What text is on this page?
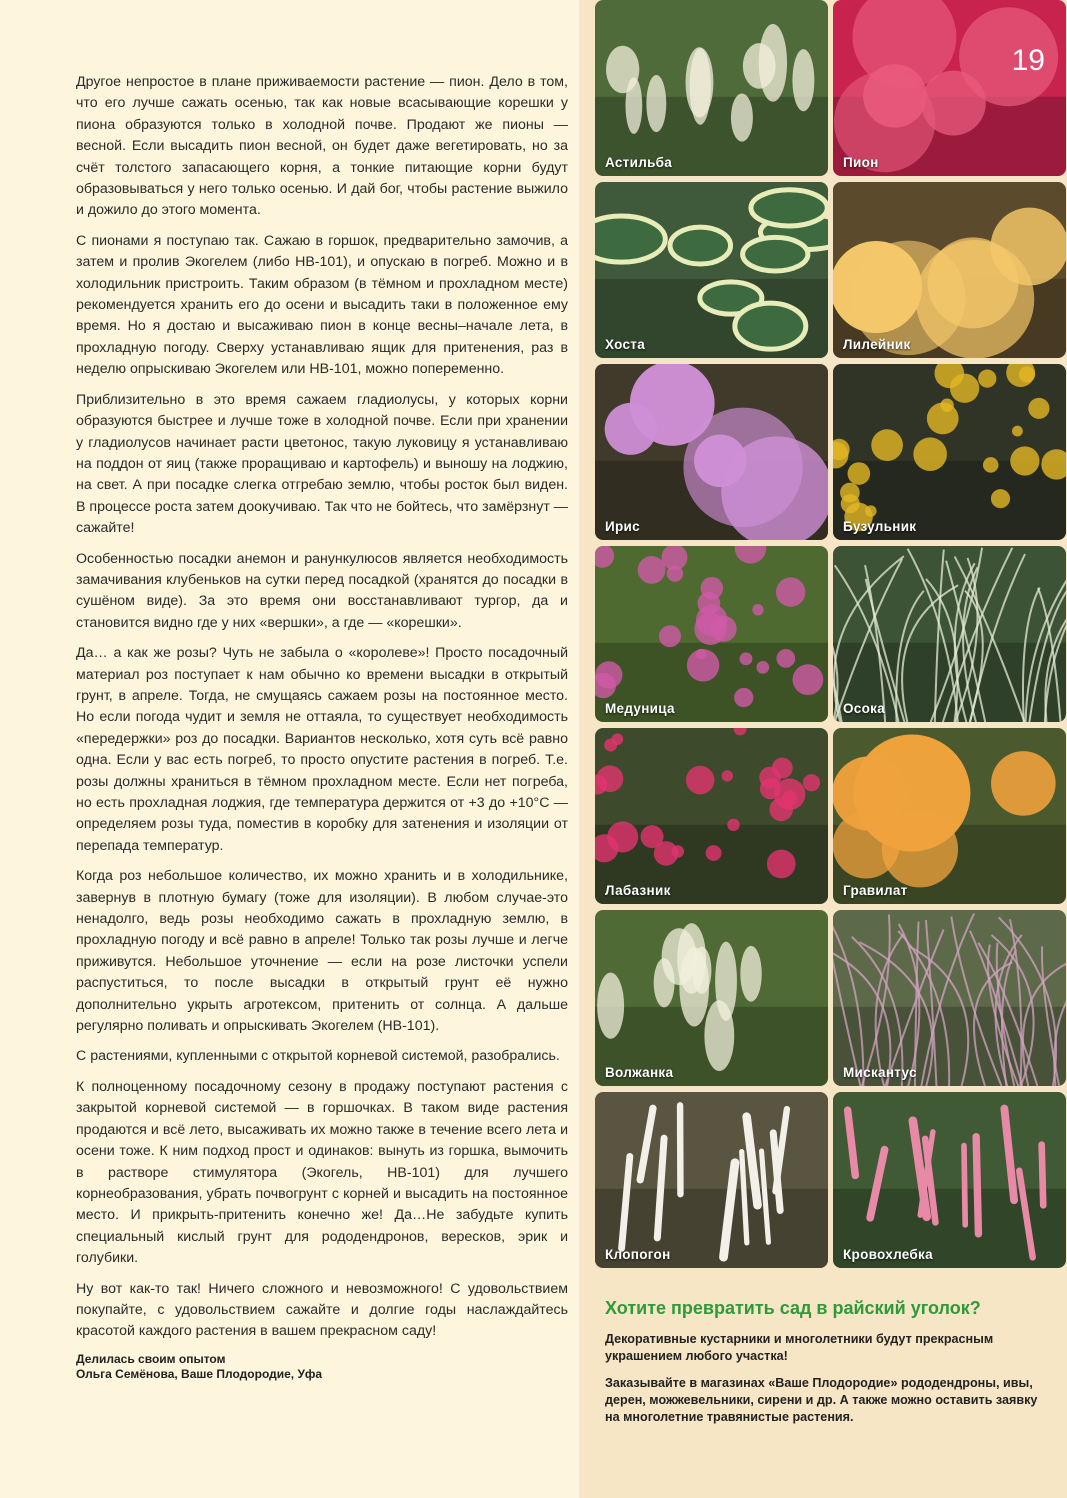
Другое непростое в плане приживаемости растение — пион. Дело в том, что его лучше сажать осенью, так как новые всасывающие корешки у пиона образуются только в холодной почве. Продают же пионы — весной. Если высадить пион весной, он будет даже вегетировать, но за счёт толстого запасающего корня, а тонкие питающие корни будут образовываться у него только осенью. И дай бог, чтобы растение выжило и дожило до этого момента.

С пионами я поступаю так. Сажаю в горшок, предварительно замочив, а затем и пролив Экогелем (либо НВ-101), и опускаю в погреб. Можно и в холодильник пристроить. Таким образом (в тёмном и прохладном месте) рекомендуется хранить его до осени и высадить таки в положенное ему время. Но я достаю и высаживаю пион в конце весны–начале лета, в прохладную погоду. Сверху устанавливаю ящик для притенения, раз в неделю опрыскиваю Экогелем или НВ-101, можно попеременно.

Приблизительно в это время сажаем гладиолусы, у которых корни образуются быстрее и лучше тоже в холодной почве. Если при хранении у гладиолусов начинает расти цветонос, такую луковицу я устанавливаю на поддон от яиц (также проращиваю и картофель) и выношу на лоджию, на свет. А при посадке слегка отгребаю землю, чтобы росток был виден. В процессе роста затем доокучиваю. Так что не бойтесь, что замёрзнут — сажайте!

Особенностью посадки анемон и ранункулюсов является необходимость замачивания клубеньков на сутки перед посадкой (хранятся до посадки в сушёном виде). За это время они восстанавливают тургор, да и становится видно где у них «вершки», а где — «корешки».

Да… а как же розы? Чуть не забыла о «королеве»! Просто посадочный материал роз поступает к нам обычно ко времени высадки в открытый грунт, в апреле. Тогда, не смущаясь сажаем розы на постоянное место. Но если погода чудит и земля не оттаяла, то существует необходимость «передержки» роз до посадки. Вариантов несколько, хотя суть всё равно одна. Если у вас есть погреб, то просто опустите растения в погреб. Т.е. розы должны храниться в тёмном прохладном месте. Если нет погреба, но есть прохладная лоджия, где температура держится от +3 до +10°С — определяем розы туда, поместив в коробку для затенения и изоляции от перепада температур.

Когда роз небольшое количество, их можно хранить и в холодильнике, завернув в плотную бумагу (тоже для изоляции). В любом случае-это ненадолго, ведь розы необходимо сажать в прохладную землю, в прохладную погоду и всё равно в апреле! Только так розы лучше и легче приживутся. Небольшое уточнение — если на розе листочки успели распуститься, то после высадки в открытый грунт её нужно дополнительно укрыть агротексом, притенить от солнца. А дальше регулярно поливать и опрыскивать Экогелем (НВ-101).

С растениями, купленными с открытой корневой системой, разобрались.

К полноценному посадочному сезону в продажу поступают растения с закрытой корневой системой — в горшочках. В таком виде растения продаются и всё лето, высаживать их можно также в течение всего лета и осени тоже. К ним подход прост и одинаков: вынуть из горшка, вымочить в растворе стимулятора (Экогель, НВ-101) для лучшего корнеобразования, убрать почвогрунт с корней и высадить на постоянное место. И прикрыть-притенить конечно же! Да…Не забудьте купить специальный кислый грунт для рододендронов, вересков, эрик и голубики.

Ну вот как-то так! Ничего сложного и невозможного! С удовольствием покупайте, с удовольствием сажайте и долгие годы наслаждайтесь красотой каждого растения в вашем прекрасном саду!

Делилась своим опытом
Ольга Семёнова, Ваше Плодородие, Уфа
19
Астильба	Пион
Хоста	Лилейник
Ирис	Бузульник
Медуница	Осока
Лабазник	Гравилат
Волжанка	Мискантус
Клопогон	Кровохлебка
Хотите превратить сад в райский уголок?

Декоративные кустарники и многолетники будут прекрасным украшением любого участка!

Заказывайте в магазинах «Ваше Плодородие» рододендроны, ивы, дерен, можжевельники, сирени и др. А также можно оставить заявку на многолетние травянистые растения.
